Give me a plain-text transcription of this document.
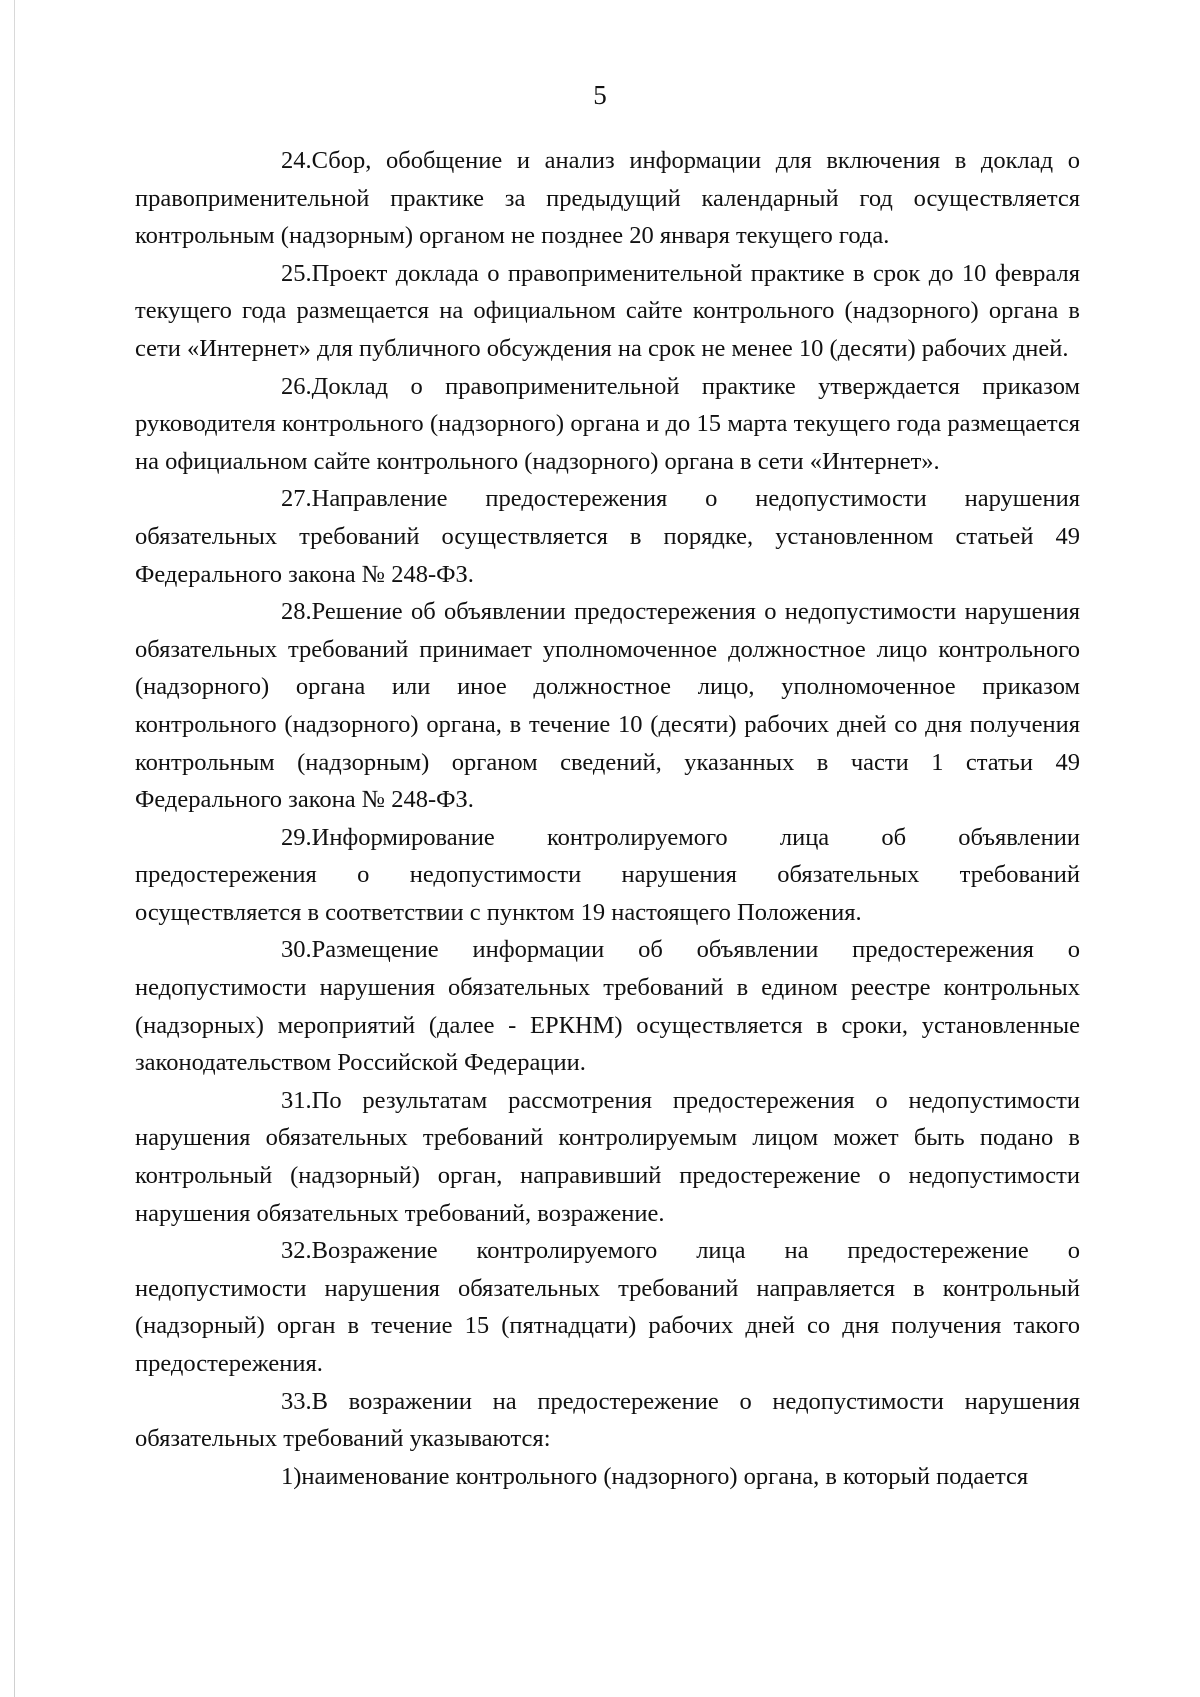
5

24.Сбор, обобщение и анализ информации для включения в доклад о правоприменительной практике за предыдущий календарный год осуществляется контрольным (надзорным) органом не позднее 20 января текущего года.

25.Проект доклада о правоприменительной практике в срок до 10 февраля текущего года размещается на официальном сайте контрольного (надзорного) органа в сети «Интернет» для публичного обсуждения на срок не менее 10 (десяти) рабочих дней.

26.Доклад о правоприменительной практике утверждается приказом руководителя контрольного (надзорного) органа и до 15 марта текущего года размещается на официальном сайте контрольного (надзорного) органа в сети «Интернет».

27.Направление предостережения о недопустимости нарушения обязательных требований осуществляется в порядке, установленном статьей 49 Федерального закона № 248-ФЗ.

28.Решение об объявлении предостережения о недопустимости нарушения обязательных требований принимает уполномоченное должностное лицо контрольного (надзорного) органа или иное должностное лицо, уполномоченное приказом контрольного (надзорного) органа, в течение 10 (десяти) рабочих дней со дня получения контрольным (надзорным) органом сведений, указанных в части 1 статьи 49 Федерального закона № 248-ФЗ.

29.Информирование контролируемого лица об объявлении предостережения о недопустимости нарушения обязательных требований осуществляется в соответствии с пунктом 19 настоящего Положения.

30.Размещение информации об объявлении предостережения о недопустимости нарушения обязательных требований в едином реестре контрольных (надзорных) мероприятий (далее - ЕРКНМ) осуществляется в сроки, установленные законодательством Российской Федерации.

31.По результатам рассмотрения предостережения о недопустимости нарушения обязательных требований контролируемым лицом может быть подано в контрольный (надзорный) орган, направивший предостережение о недопустимости нарушения обязательных требований, возражение.

32.Возражение контролируемого лица на предостережение о недопустимости нарушения обязательных требований направляется в контрольный (надзорный) орган в течение 15 (пятнадцати) рабочих дней со дня получения такого предостережения.

33.В возражении на предостережение о недопустимости нарушения обязательных требований указываются:

1)наименование контрольного (надзорного) органа, в который подается
